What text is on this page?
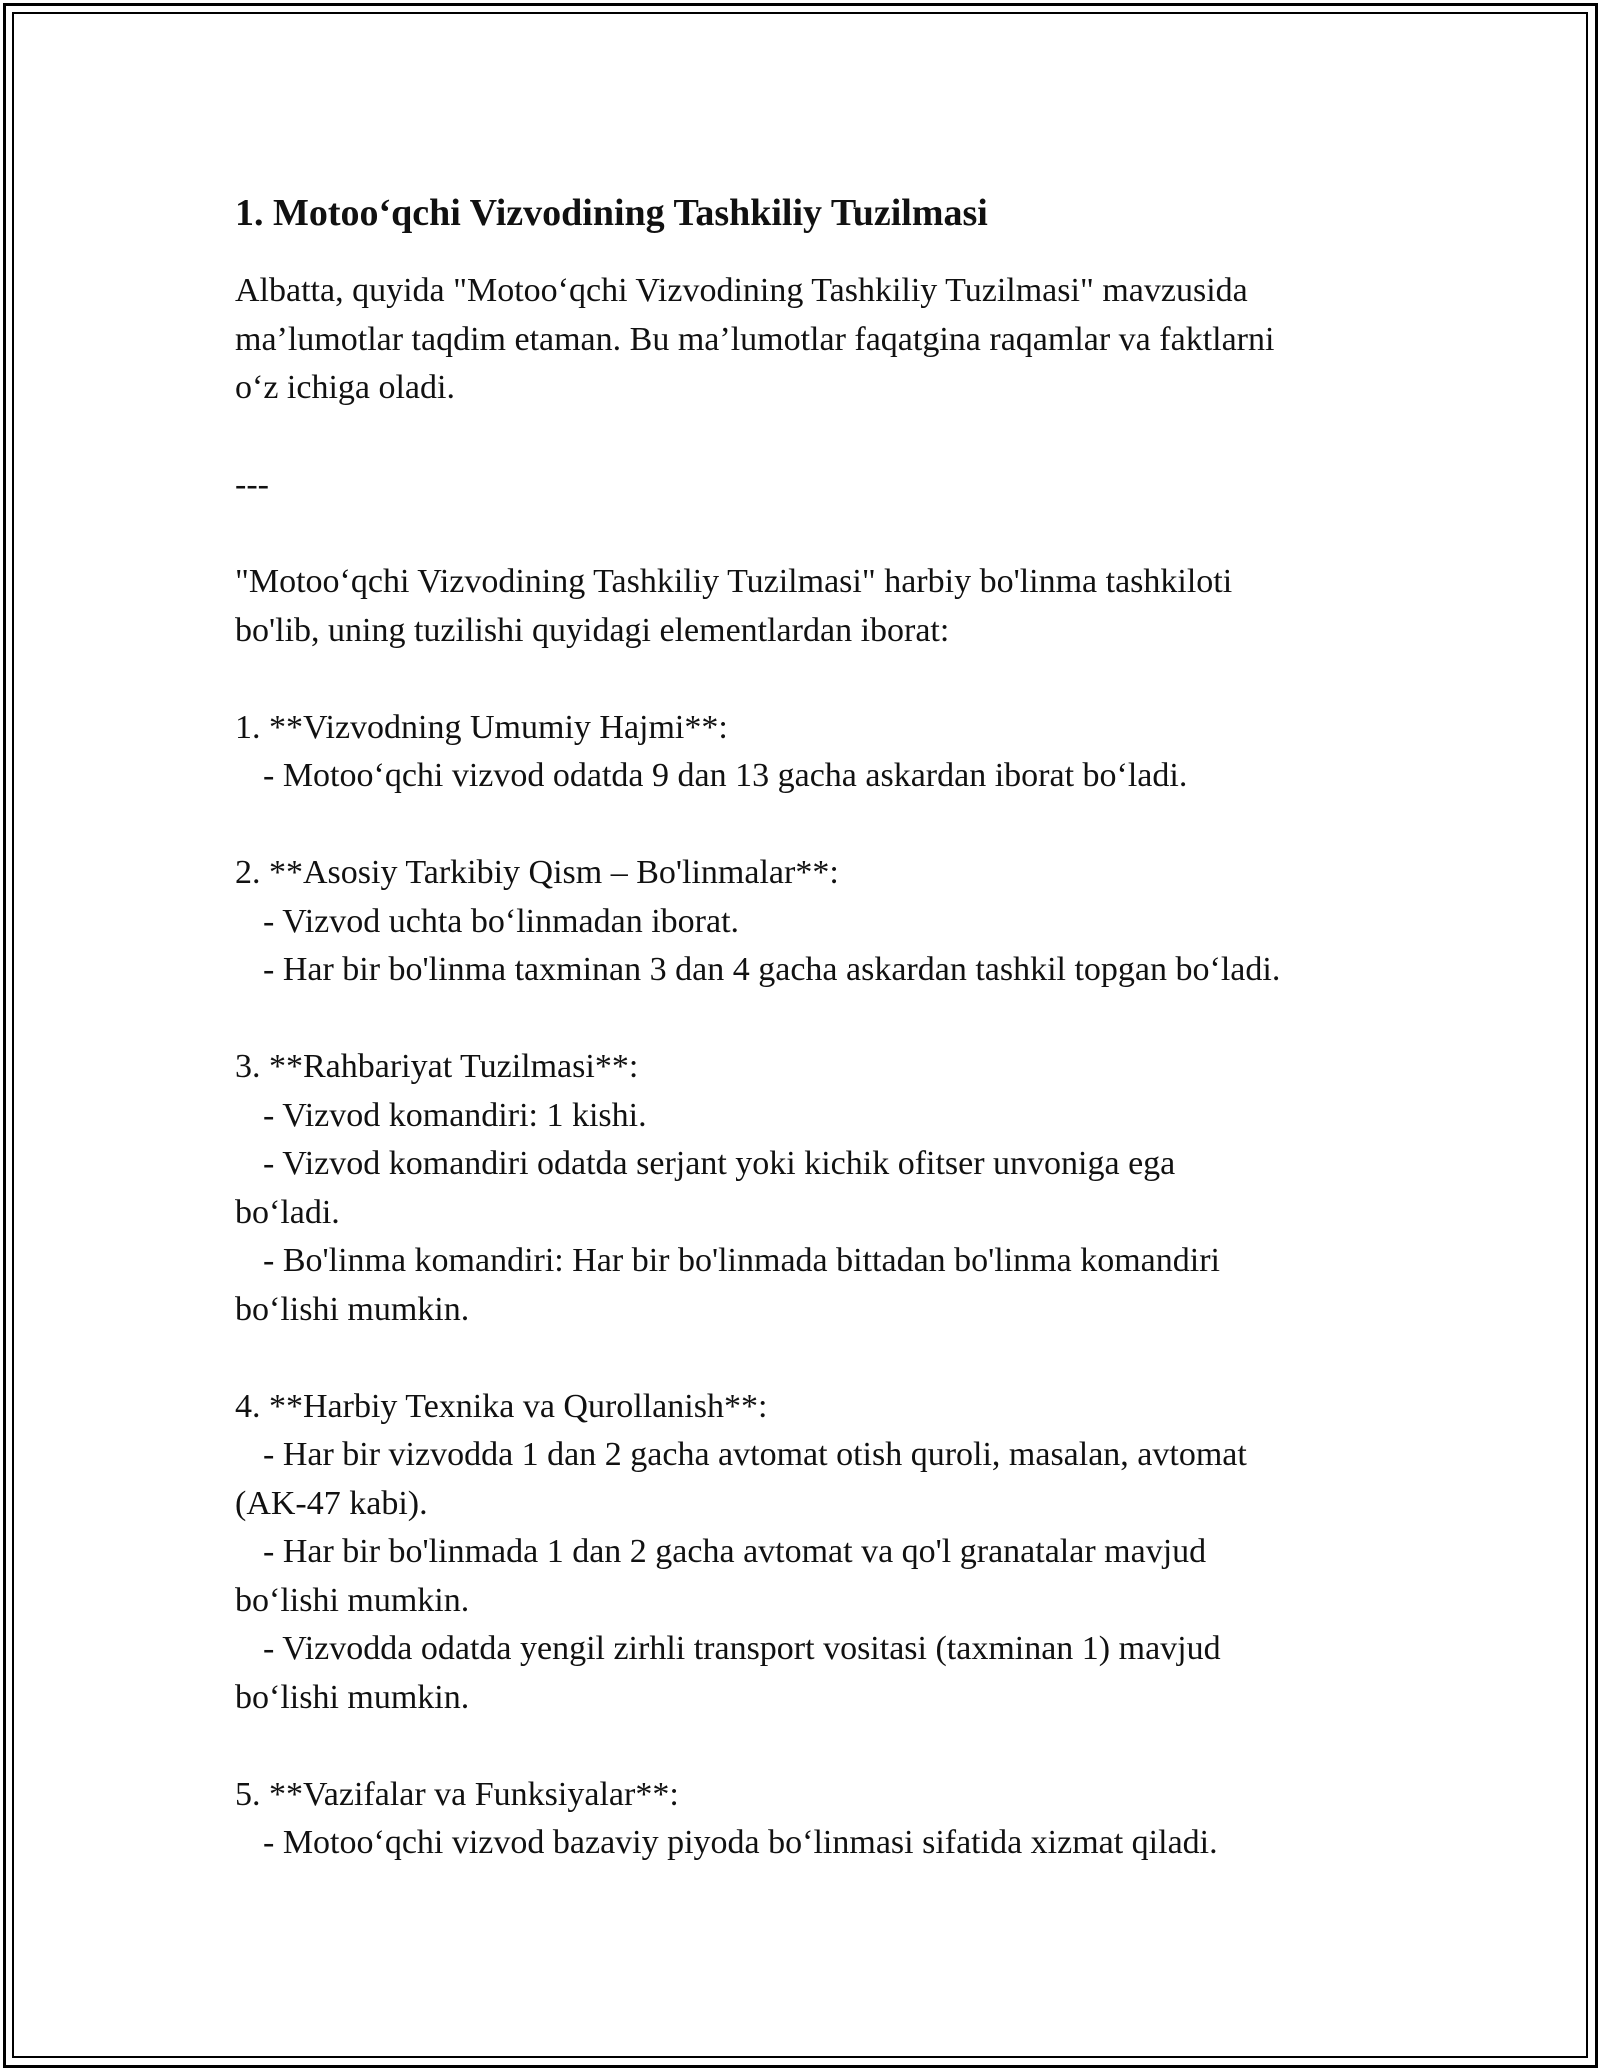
1. Motoo‘qchi Vizvodining Tashkiliy Tuzilmasi

Albatta, quyida "Motoo‘qchi Vizvodining Tashkiliy Tuzilmasi" mavzusida

ma’lumotlar taqdim etaman. Bu ma’lumotlar faqatgina raqamlar va faktlarni

o‘z ichiga oladi.

---

"Motoo‘qchi Vizvodining Tashkiliy Tuzilmasi" harbiy bo'linma tashkiloti

bo'lib, uning tuzilishi quyidagi elementlardan iborat:

1. **Vizvodning Umumiy Hajmi**:

- Motoo‘qchi vizvod odatda 9 dan 13 gacha askardan iborat bo‘ladi.

2. **Asosiy Tarkibiy Qism – Bo'linmalar**:

- Vizvod uchta bo‘linmadan iborat.

- Har bir bo'linma taxminan 3 dan 4 gacha askardan tashkil topgan bo‘ladi.

3. **Rahbariyat Tuzilmasi**:

- Vizvod komandiri: 1 kishi.

- Vizvod komandiri odatda serjant yoki kichik ofitser unvoniga ega

bo‘ladi.

- Bo'linma komandiri: Har bir bo'linmada bittadan bo'linma komandiri

bo‘lishi mumkin.

4. **Harbiy Texnika va Qurollanish**:

- Har bir vizvodda 1 dan 2 gacha avtomat otish quroli, masalan, avtomat

(AK-47 kabi).

- Har bir bo'linmada 1 dan 2 gacha avtomat va qo'l granatalar mavjud

bo‘lishi mumkin.

- Vizvodda odatda yengil zirhli transport vositasi (taxminan 1) mavjud

bo‘lishi mumkin.

5. **Vazifalar va Funksiyalar**:

- Motoo‘qchi vizvod bazaviy piyoda bo‘linmasi sifatida xizmat qiladi.
